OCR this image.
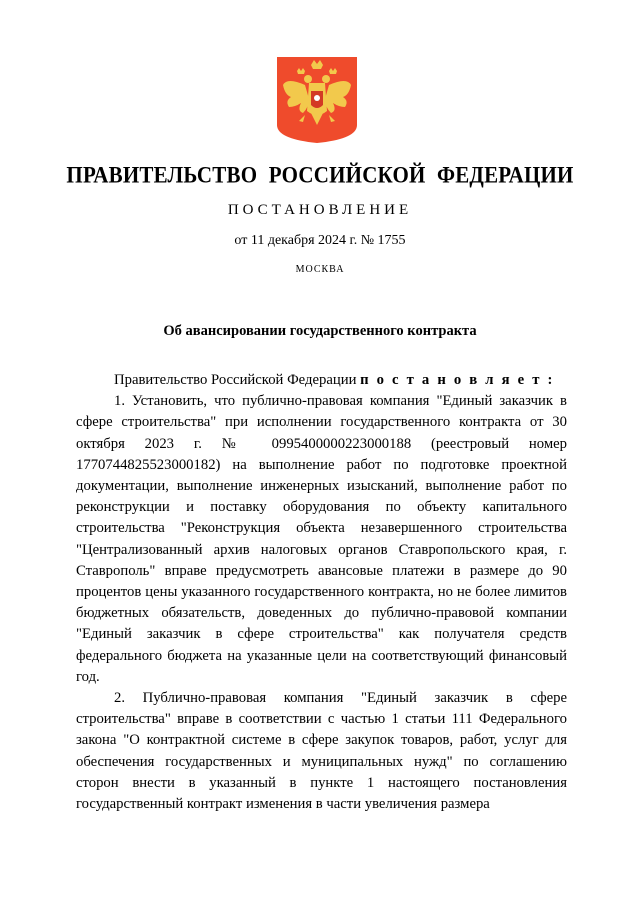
ПРАВИТЕЛЬСТВО РОССИЙСКОЙ ФЕДЕРАЦИИ
ПОСТАНОВЛЕНИЕ
от 11 декабря 2024 г. № 1755
МОСКВА
Об авансировании государственного контракта

Правительство Российской Федерации п о с т а н о в л я е т :

1. Установить, что публично-правовая компания "Единый заказчик в сфере строительства" при исполнении государственного контракта от 30 октября 2023 г. № 0995400000223000188 (реестровый номер 1770744825523000182) на выполнение работ по подготовке проектной документации, выполнение инженерных изысканий, выполнение работ по реконструкции и поставку оборудования по объекту капитального строительства "Реконструкция объекта незавершенного строительства "Централизованный архив налоговых органов Ставропольского края, г. Ставрополь" вправе предусмотреть авансовые платежи в размере до 90 процентов цены указанного государственного контракта, но не более лимитов бюджетных обязательств, доведенных до публично-правовой компании "Единый заказчик в сфере строительства" как получателя средств федерального бюджета на указанные цели на соответствующий финансовый год.

2. Публично-правовая компания "Единый заказчик в сфере строительства" вправе в соответствии с частью 1 статьи 111 Федерального закона "О контрактной системе в сфере закупок товаров, работ, услуг для обеспечения государственных и муниципальных нужд" по соглашению сторон внести в указанный в пункте 1 настоящего постановления государственный контракт изменения в части увеличения размера
